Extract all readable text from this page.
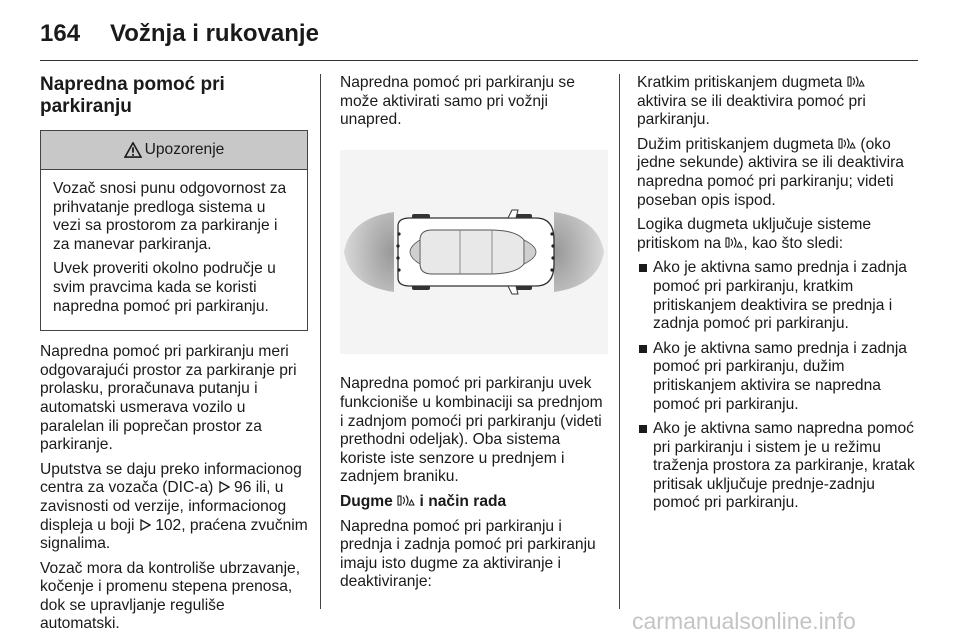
164 Vožnja i rukovanje
Napredna pomoć pri parkiranju
Upozorenje

Vozač snosi punu odgovornost za prihvatanje predloga sistema u vezi sa prostorom za parkiranje i za manevar parkiranja.

Uvek proveriti okolno područje u svim pravcima kada se koristi napredna pomoć pri parkiranju.

Napredna pomoć pri parkiranju meri odgovarajući prostor za parkiranje pri prolasku, proračunava putanju i automatski usmerava vozilo u paralelan ili poprečan prostor za parkiranje.

Uputstva se daju preko informacionog centra za vozača (DIC-a) 96 ili, u zavisnosti od verzije, informacionog displeja u boji 102, praćena zvučnim signalima.

Vozač mora da kontroliše ubrzavanje, kočenje i promenu stepena prenosa, dok se upravljanje reguliše automatski.

Napredna pomoć pri parkiranju se može aktivirati samo pri vožnji unapred.

Napredna pomoć pri parkiranju uvek funkcioniše u kombinaciji sa prednjom i zadnjom pomoći pri parkiranju (videti prethodni odeljak). Oba sistema koriste iste senzore u prednjem i zadnjem braniku.

Dugme i način rada

Napredna pomoć pri parkiranju i prednja i zadnja pomoć pri parkiranju imaju isto dugme za aktiviranje i deaktiviranje:

Kratkim pritiskanjem dugmeta  aktivira se ili deaktivira pomoć pri parkiranju.

Dužim pritiskanjem dugmeta (oko jedne sekunde) aktivira se ili deaktivira napredna pomoć pri parkiranju; videti poseban opis ispod.

Logika dugmeta uključuje sisteme pritiskom na , kao što sledi:

Ako je aktivna samo prednja i zadnja pomoć pri parkiranju, kratkim pritiskanjem deaktivira se prednja i zadnja pomoć pri parkiranju.
Ako je aktivna samo prednja i zadnja pomoć pri parkiranju, dužim pritiskanjem aktivira se napredna pomoć pri parkiranju.
Ako je aktivna samo napredna pomoć pri parkiranju i sistem je u režimu traženja prostora za parkiranje, kratak pritisak uključuje prednje-zadnju pomoć pri parkiranju.
carmanualsonline.info
